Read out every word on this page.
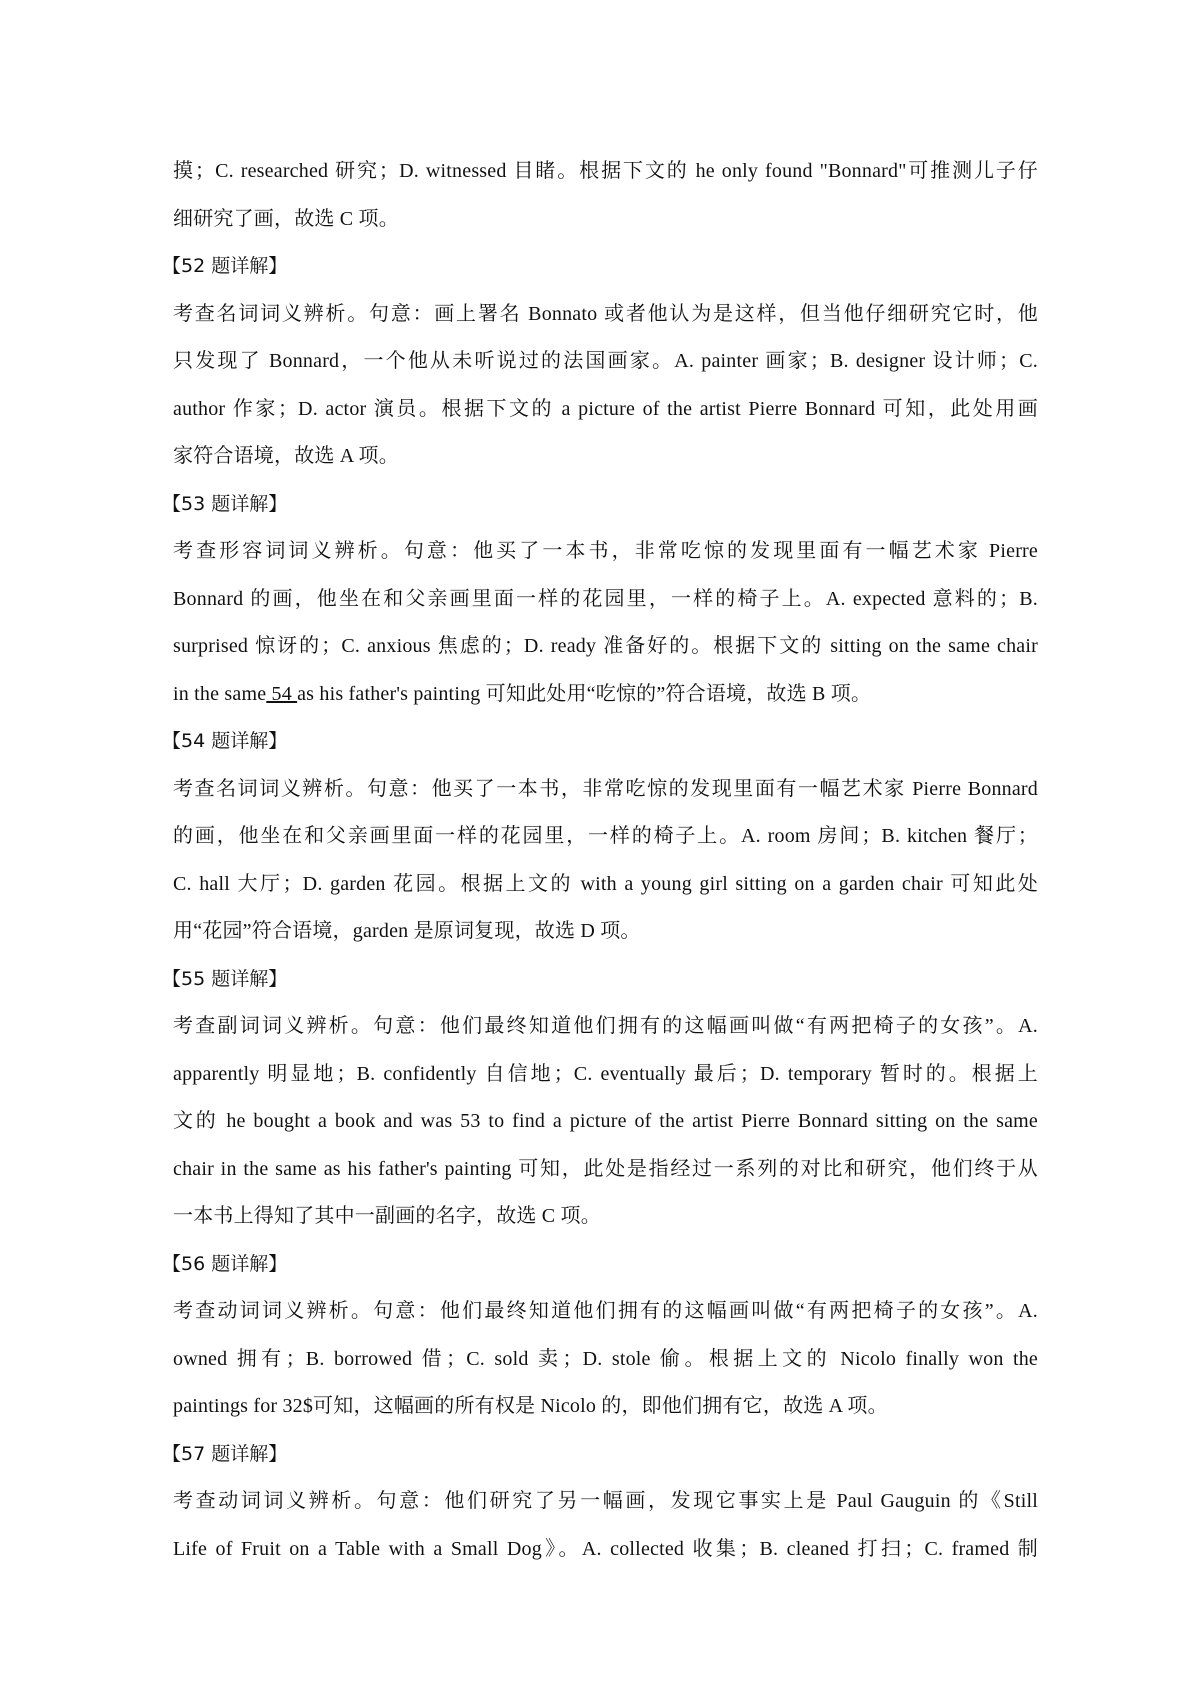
摸；C. researched 研究；D. witnessed 目睹。根据下文的 he only found "Bonnard"可推测儿子仔
细研究了画，故选 C 项。
【52 题详解】
考查名词词义辨析。句意：画上署名 Bonnato 或者他认为是这样，但当他仔细研究它时，他
只发现了 Bonnard，一个他从未听说过的法国画家。A. painter 画家；B. designer 设计师；C.
author 作家；D. actor 演员。根据下文的 a picture of the artist Pierre Bonnard 可知，此处用画
家符合语境，故选 A 项。
【53 题详解】
考查形容词词义辨析。句意：他买了一本书，非常吃惊的发现里面有一幅艺术家 Pierre
Bonnard 的画，他坐在和父亲画里面一样的花园里，一样的椅子上。A. expected 意料的；B.
surprised 惊讶的；C. anxious 焦虑的；D. ready 准备好的。根据下文的 sitting on the same chair
in the same 54 as his father's painting 可知此处用“吃惊的”符合语境，故选 B 项。
【54 题详解】
考查名词词义辨析。句意：他买了一本书，非常吃惊的发现里面有一幅艺术家 Pierre Bonnard
的画，他坐在和父亲画里面一样的花园里，一样的椅子上。A. room 房间；B. kitchen 餐厅；
C. hall 大厅；D. garden 花园。根据上文的 with a young girl sitting on a garden chair 可知此处
用“花园”符合语境，garden 是原词复现，故选 D 项。
【55 题详解】
考查副词词义辨析。句意：他们最终知道他们拥有的这幅画叫做“有两把椅子的女孩”。A.
apparently 明显地；B. confidently 自信地；C. eventually 最后；D. temporary 暂时的。根据上
文的 he bought a book and was 53 to find a picture of the artist Pierre Bonnard sitting on the same
chair in the same as his father's painting 可知，此处是指经过一系列的对比和研究，他们终于从
一本书上得知了其中一副画的名字，故选 C 项。
【56 题详解】
考查动词词义辨析。句意：他们最终知道他们拥有的这幅画叫做“有两把椅子的女孩”。A.
owned 拥有；B. borrowed 借；C. sold 卖；D. stole 偷。根据上文的 Nicolo finally won the
paintings for 32$可知，这幅画的所有权是 Nicolo 的，即他们拥有它，故选 A 项。
【57 题详解】
考查动词词义辨析。句意：他们研究了另一幅画，发现它事实上是 Paul Gauguin 的《Still
Life of Fruit on a Table with a Small Dog》。A. collected 收集；B. cleaned 打扫；C. framed 制
